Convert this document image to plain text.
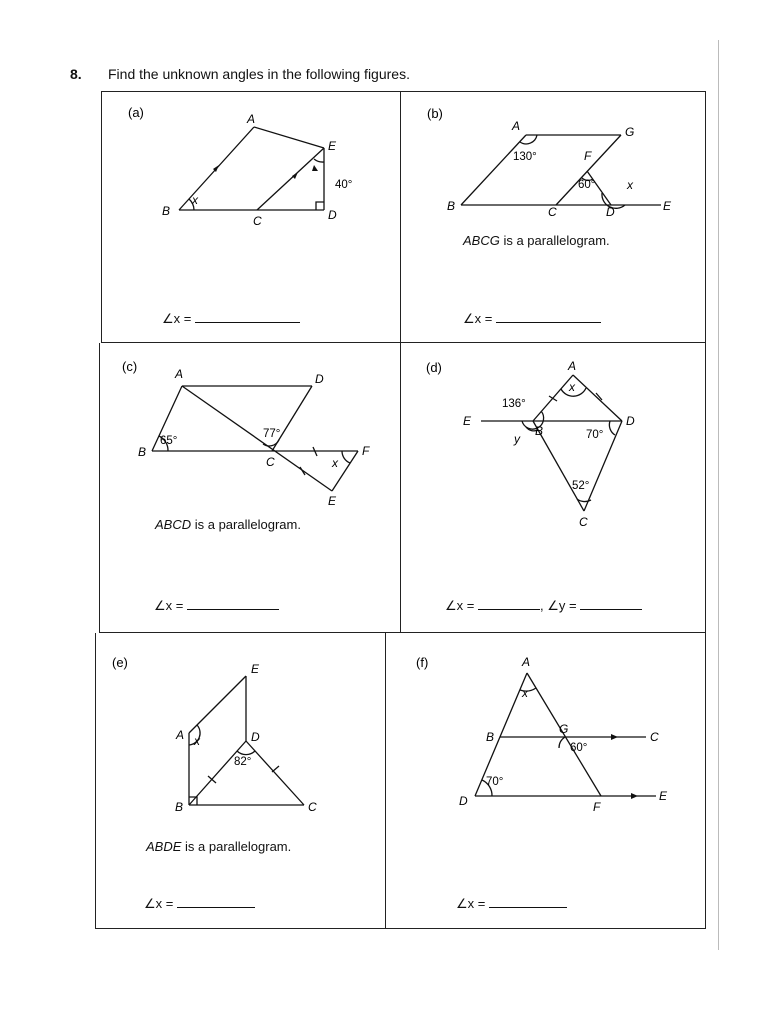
8. Find the unknown angles in the following figures.
(a)	A
B
C	D
E
x
40°
∠x =
(b)
A	G
F
B	C	D	E
130°
60°	x
ABCG is a parallelogram.
∠x =
(c)	A	D
B
C
F
E
65°
77°
x
ABCD is a parallelogram.
∠x =
(d)	A
E
B
D
C
136°
70°
52°
x
y
∠x =	, ∠y =
(e)	E
A	D
B	C
82°
x
ABDE is a parallelogram.
∠x =
(f)	A
B
G
C
D	F
E
x
60°
70°
∠x =
